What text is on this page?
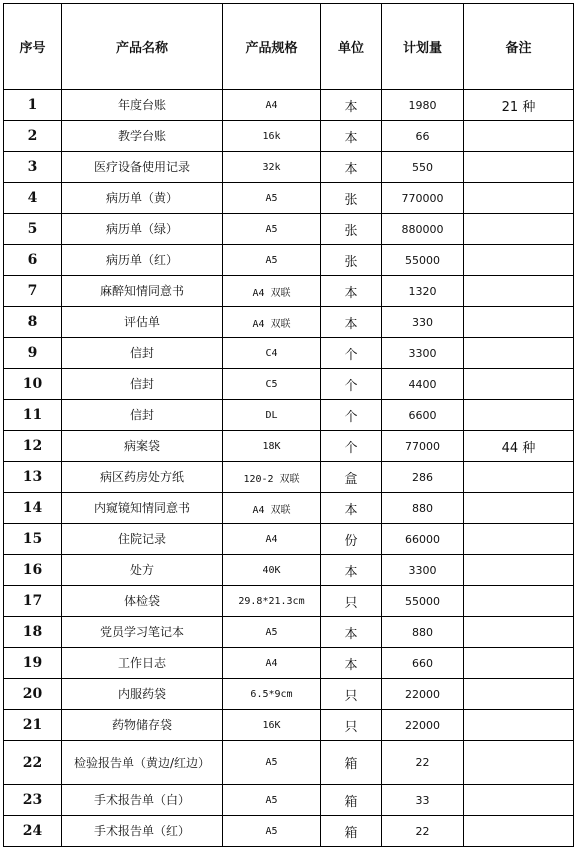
序号	产品名称	产品规格	单位	计划量	备注
1	年度台账	A4	本	1980	21 种
2	教学台账	16k	本	66	
3	医疗设备使用记录	32k	本	550	
4	病历单（黄）	A5	张	770000	
5	病历单（绿）	A5	张	880000	
6	病历单（红）	A5	张	55000	
7	麻醉知情同意书	A4 双联	本	1320	
8	评估单	A4 双联	本	330	
9	信封	C4	个	3300	
10	信封	C5	个	4400	
11	信封	DL	个	6600	
12	病案袋	18K	个	77000	44 种
13	病区药房处方纸	120-2 双联	盒	286	
14	内窥镜知情同意书	A4 双联	本	880	
15	住院记录	A4	份	66000	
16	处方	40K	本	3300	
17	体检袋	29.8*21.3cm	只	55000	
18	党员学习笔记本	A5	本	880	
19	工作日志	A4	本	660	
20	内服药袋	6.5*9cm	只	22000	
21	药物储存袋	16K	只	22000	
22	检验报告单（黄边/红边）	A5	箱	22	
23	手术报告单（白）	A5	箱	33	
24	手术报告单（红）	A5	箱	22	
